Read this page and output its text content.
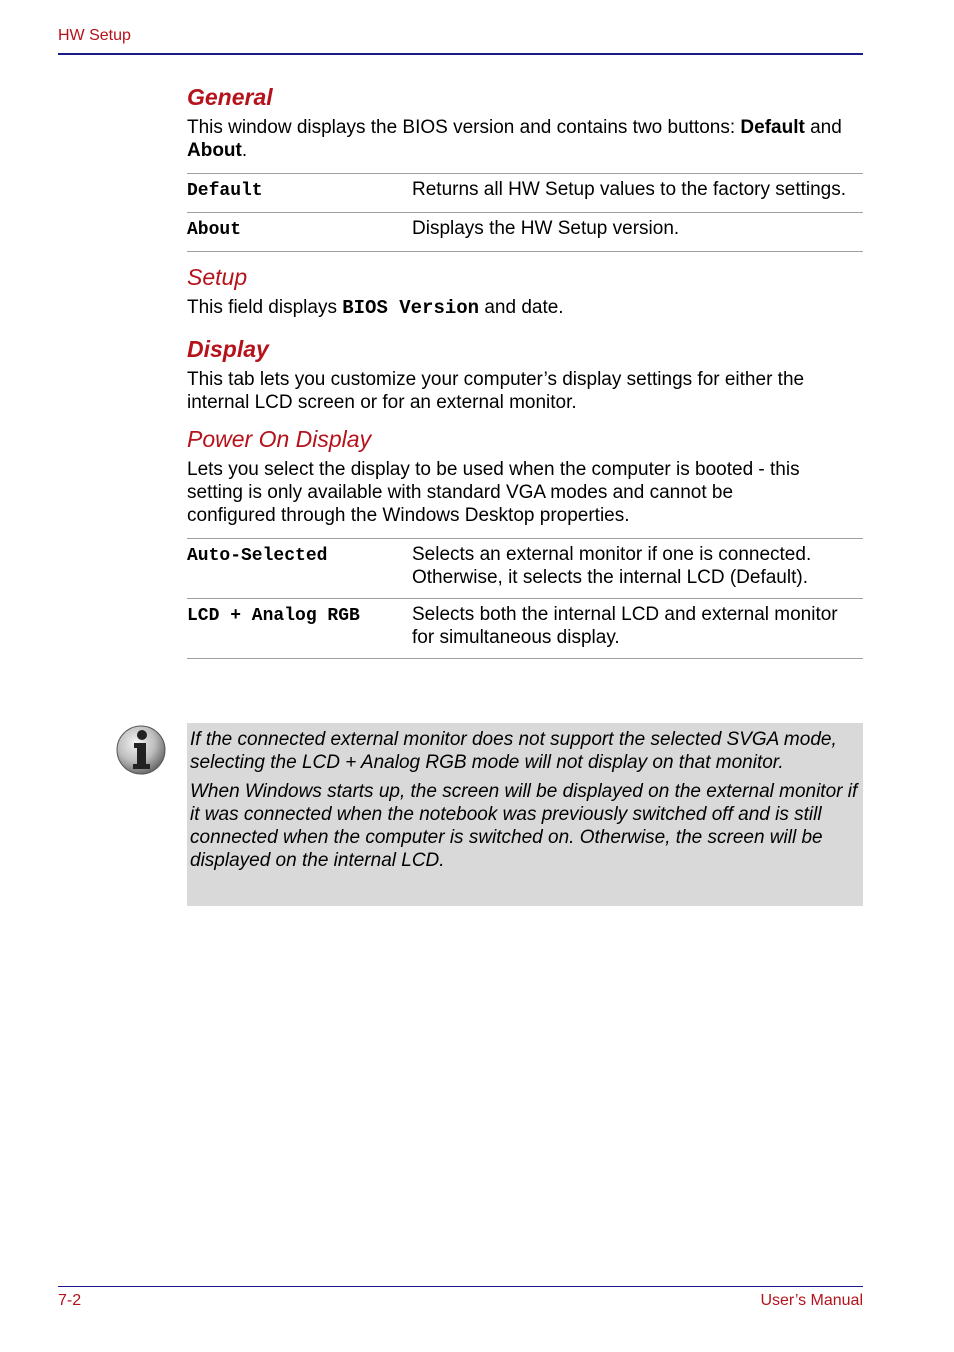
HW Setup
General

This window displays the BIOS version and contains two buttons: Default and About.

Default	Returns all HW Setup values to the factory settings.
About	Displays the HW Setup version.
Setup

This field displays BIOS Version and date.

Display

This tab lets you customize your computer’s display settings for either the internal LCD screen or for an external monitor.

Power On Display

Lets you select the display to be used when the computer is booted - this setting is only available with standard VGA modes and cannot be configured through the Windows Desktop properties.

Auto-Selected	Selects an external monitor if one is connected. Otherwise, it selects the internal LCD (Default).
LCD + Analog RGB	Selects both the internal LCD and external monitor for simultaneous display.

If the connected external monitor does not support the selected SVGA mode, selecting the LCD + Analog RGB mode will not display on that monitor.

When Windows starts up, the screen will be displayed on the external monitor if it was connected when the notebook was previously switched off and is still connected when the computer is switched on. Otherwise, the screen will be displayed on the internal LCD.

7-2	User’s Manual
